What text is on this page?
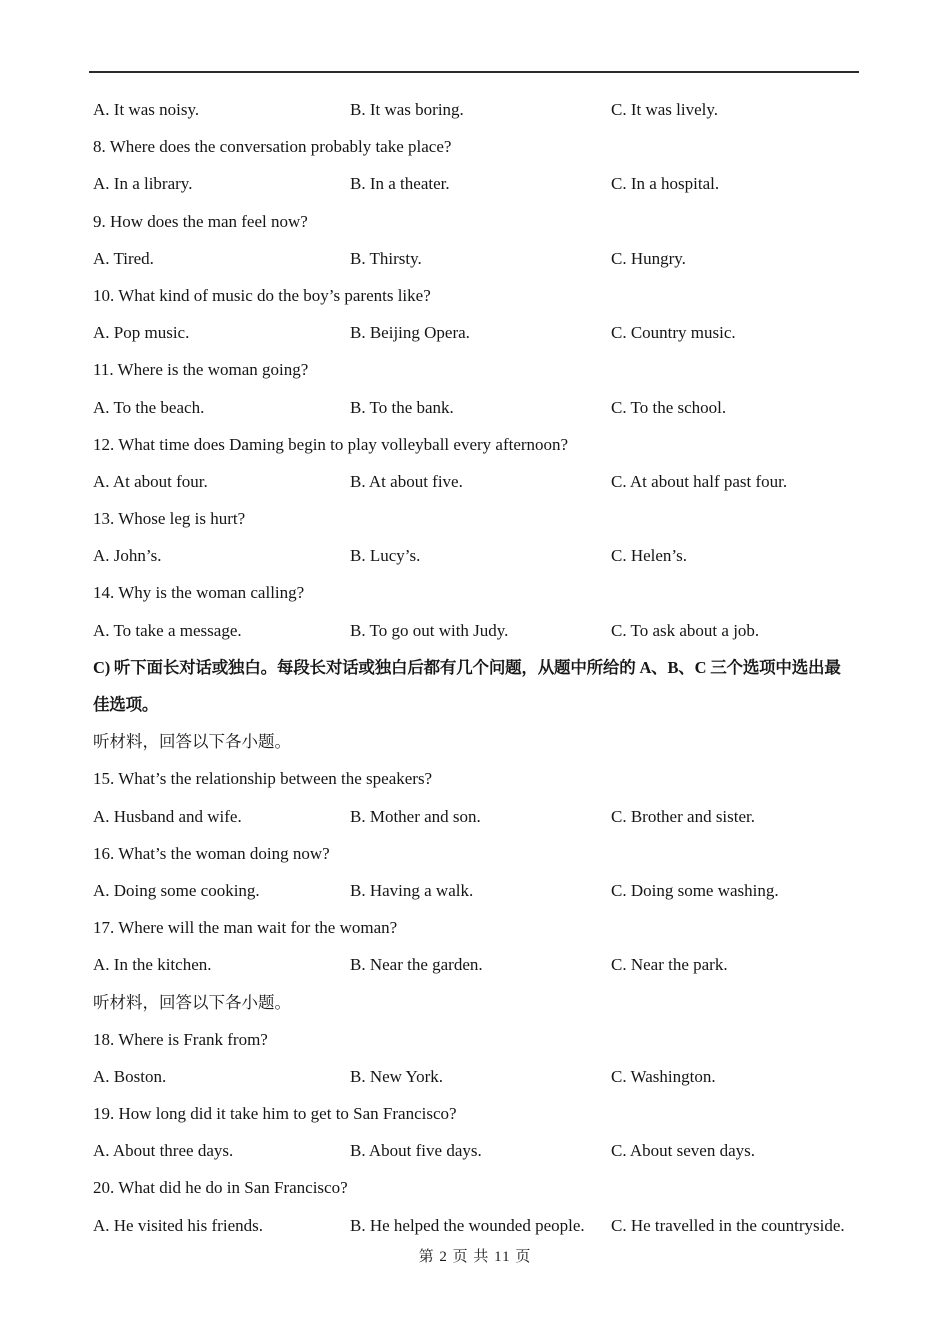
A. It was noisy.	B. It was boring.	C. It was lively.
8. Where does the conversation probably take place?
A. In a library.	B. In a theater.	C. In a hospital.
9. How does the man feel now?
A. Tired.	B. Thirsty.	C. Hungry.
10. What kind of music do the boy’s parents like?
A. Pop music.	B. Beijing Opera.	C. Country music.
11. Where is the woman going?
A. To the beach.	B. To the bank.	C. To the school.
12. What time does Daming begin to play volleyball every afternoon?
A. At about four.	B. At about five.	C. At about half past four.
13. Whose leg is hurt?
A. John’s.	B. Lucy’s.	C. Helen’s.
14. Why is the woman calling?
A. To take a message.	B. To go out with Judy.	C. To ask about a job.
C) 听下面长对话或独白。每段长对话或独白后都有几个问题，从题中所给的 A、B、C 三个选项中选出最
佳选项。
听材料，回答以下各小题。
15. What’s the relationship between the speakers?
A. Husband and wife.	B. Mother and son.	C. Brother and sister.
16. What’s the woman doing now?
A. Doing some cooking.	B. Having a walk.	C. Doing some washing.
17. Where will the man wait for the woman?
A. In the kitchen.	B. Near the garden.	C. Near the park.
听材料，回答以下各小题。
18. Where is Frank from?
A. Boston.	B. New York.	C. Washington.
19. How long did it take him to get to San Francisco?
A. About three days.	B. About five days.	C. About seven days.
20. What did he do in San Francisco?
A. He visited his friends.	B. He helped the wounded people. C. He travelled in the countryside.
第 2 页 共 11 页
